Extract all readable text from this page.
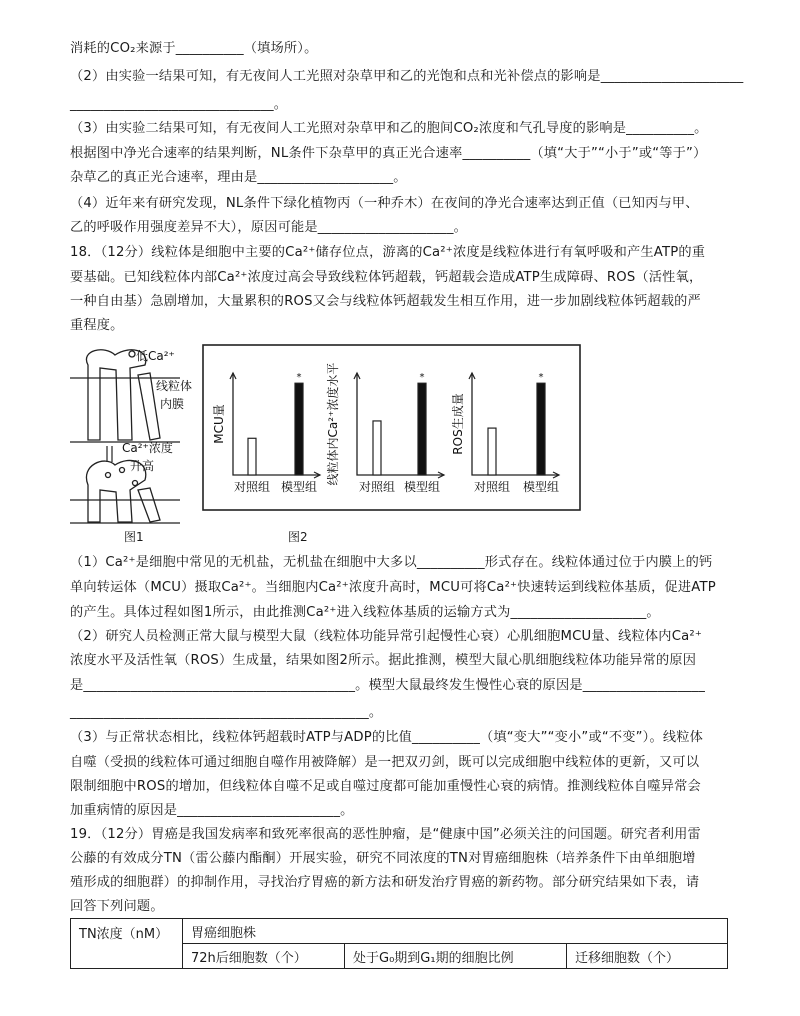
消耗的CO₂来源于__________（填场所）。
（2）由实验一结果可知，有无夜间人工光照对杂草甲和乙的光饱和点和光补偿点的影响是_____________________
______________________________。
（3）由实验二结果可知，有无夜间人工光照对杂草甲和乙的胞间CO₂浓度和气孔导度的影响是__________。
根据图中净光合速率的结果判断，NL条件下杂草甲的真正光合速率__________（填“大于”“小于”或“等于”）
杂草乙的真正光合速率，理由是____________________。
（4）近年来有研究发现，NL条件下绿化植物丙（一种乔木）在夜间的净光合速率达到正值（已知丙与甲、
乙的呼吸作用强度差异不大），原因可能是____________________。
18．（12分）线粒体是细胞中主要的Ca²⁺储存位点，游离的Ca²⁺浓度是线粒体进行有氧呼吸和产生ATP的重
要基础。已知线粒体内部Ca²⁺浓度过高会导致线粒体钙超载，钙超载会造成ATP生成障碍、ROS（活性氧，
一种自由基）急剧增加，大量累积的ROS又会与线粒体钙超载发生相互作用，进一步加剧线粒体钙超载的严
重程度。
（1）Ca²⁺是细胞中常见的无机盐，无机盐在细胞中大多以__________形式存在。线粒体通过位于内膜上的钙
单向转运体（MCU）摄取Ca²⁺。当细胞内Ca²⁺浓度升高时，MCU可将Ca²⁺快速转运到线粒体基质，促进ATP
的产生。具体过程如图1所示，由此推测Ca²⁺进入线粒体基质的运输方式为____________________。
（2）研究人员检测正常大鼠与模型大鼠（线粒体功能异常引起慢性心衰）心肌细胞MCU量、线粒体内Ca²⁺
浓度水平及活性氧（ROS）生成量，结果如图2所示。据此推测，模型大鼠心肌细胞线粒体功能异常的原因
是________________________________________。模型大鼠最终发生慢性心衰的原因是__________________
____________________________________________。
（3）与正常状态相比，线粒体钙超载时ATP与ADP的比值__________（填“变大”“变小”或“不变”）。线粒体
自噬（受损的线粒体可通过细胞自噬作用被降解）是一把双刃剑，既可以完成细胞中线粒体的更新，又可以
限制细胞中ROS的增加，但线粒体自噬不足或自噬过度都可能加重慢性心衰的病情。推测线粒体自噬异常会
加重病情的原因是________________________。
19．（12分）胃癌是我国发病率和致死率很高的恶性肿瘤，是“健康中国”必须关注的问国题。研究者利用雷
公藤的有效成分TN（雷公藤内酯酮）开展实验，研究不同浓度的TN对胃癌细胞株（培养条件下由单细胞增
殖形成的细胞群）的抑制作用，寻找治疗胃癌的新方法和研发治疗胃癌的新药物。部分研究结果如下表，请
回答下列问题。
低Ca²⁺
线粒体
内膜
Ca²⁺浓度
升高
图1	图2
MCU量
对照组 模型组
* 线粒体内Ca²⁺浓度水平
对照组 模型组
*
ROS生成量
对照组 模型组
*
TN浓度（nM）	胃癌细胞株		
	72h后细胞数（个）	处于G₀期到G₁期的细胞比例	迁移细胞数（个）
